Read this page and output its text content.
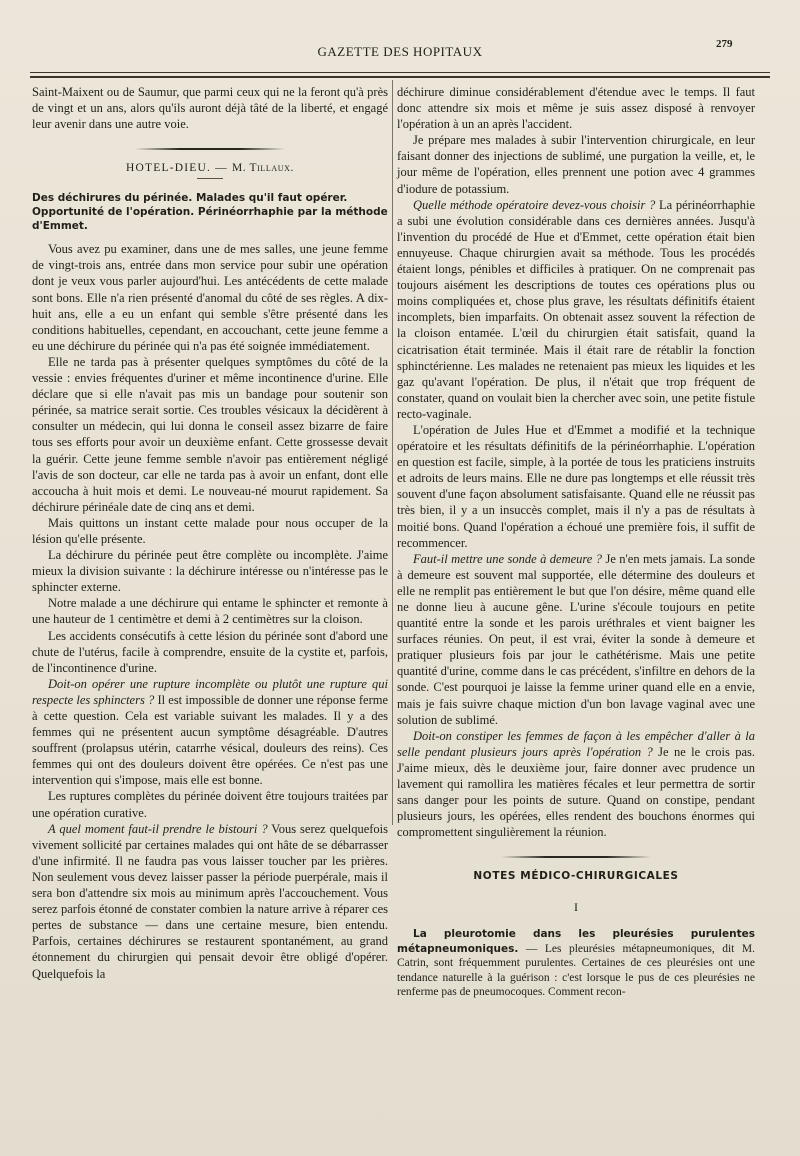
GAZETTE DES HOPITAUX	279

Saint-Maixent ou de Saumur, que parmi ceux qui ne la feront qu'à près de vingt et un ans, alors qu'ils auront déjà tâté de la liberté, et engagé leur avenir dans une autre voie.

HOTEL-DIEU. — M. Tillaux.
Des déchirures du périnée. Malades qu'il faut opérer. Opportunité de l'opération. Périnéorrhaphie par la méthode d'Emmet.

Vous avez pu examiner, dans une de mes salles, une jeune femme de vingt-trois ans, entrée dans mon service pour subir une opération dont je veux vous parler aujourd'hui. Les antécédents de cette malade sont bons. Elle n'a rien présenté d'anomal du côté de ses règles. A dix-huit ans, elle a eu un enfant qui semble s'être présenté dans les conditions habituelles, cependant, en accouchant, cette jeune femme a eu une déchirure du périnée qui n'a pas été soignée immédiatement.

Elle ne tarda pas à présenter quelques symptômes du côté de la vessie : envies fréquentes d'uriner et même incontinence d'urine. Elle déclare que si elle n'avait pas mis un bandage pour soutenir son périnée, sa matrice serait sortie. Ces troubles vésicaux la décidèrent à consulter un médecin, qui lui donna le conseil assez bizarre de faire tous ses efforts pour avoir un deuxième enfant. Cette grossesse devait la guérir. Cette jeune femme semble n'avoir pas entièrement négligé l'avis de son docteur, car elle ne tarda pas à avoir un enfant, dont elle accoucha à huit mois et demi. Le nouveau-né mourut rapidement. Sa déchirure périnéale date de cinq ans et demi.

Mais quittons un instant cette malade pour nous occuper de la lésion qu'elle présente.

La déchirure du périnée peut être complète ou incomplète. J'aime mieux la division suivante : la déchirure intéresse ou n'intéresse pas le sphincter externe.

Notre malade a une déchirure qui entame le sphincter et remonte à une hauteur de 1 centimètre et demi à 2 centimètres sur la cloison.

Les accidents consécutifs à cette lésion du périnée sont d'abord une chute de l'utérus, facile à comprendre, ensuite de la cystite et, parfois, de l'incontinence d'urine.

Doit-on opérer une rupture incomplète ou plutôt une rupture qui respecte les sphincters ? Il est impossible de donner une réponse ferme à cette question. Cela est variable suivant les malades. Il y a des femmes qui ne présentent aucun symptôme désagréable. D'autres souffrent (prolapsus utérin, catarrhe vésical, douleurs des reins). Ces femmes qui ont des douleurs doivent être opérées. Ce n'est pas une intervention qui s'impose, mais elle est bonne.

Les ruptures complètes du périnée doivent être toujours traitées par une opération curative.

A quel moment faut-il prendre le bistouri ? Vous serez quelquefois vivement sollicité par certaines malades qui ont hâte de se débarrasser d'une infirmité. Il ne faudra pas vous laisser toucher par les prières. Non seulement vous devez laisser passer la période puerpérale, mais il sera bon d'attendre six mois au minimum après l'accouchement. Vous serez parfois étonné de constater combien la nature arrive à réparer ces pertes de substance — dans une certaine mesure, bien entendu. Parfois, certaines déchirures se restaurent spontanément, au grand étonnement du chirurgien qui pensait devoir être obligé d'opérer. Quelquefois la

déchirure diminue considérablement d'étendue avec le temps. Il faut donc attendre six mois et même je suis assez disposé à renvoyer l'opération à un an après l'accident.

Je prépare mes malades à subir l'intervention chirurgicale, en leur faisant donner des injections de sublimé, une purgation la veille, et, le jour même de l'opération, elles prennent une potion avec 4 grammes d'iodure de potassium.

Quelle méthode opératoire devez-vous choisir ? La périnéorrhaphie a subi une évolution considérable dans ces dernières années. Jusqu'à l'invention du procédé de Hue et d'Emmet, cette opération était bien ennuyeuse. Chaque chirurgien avait sa méthode. Tous les procédés étaient longs, pénibles et difficiles à pratiquer. On ne comprenait pas toujours aisément les descriptions de toutes ces opérations plus ou moins compliquées et, chose plus grave, les résultats définitifs étaient incomplets, bien imparfaits. On obtenait assez souvent la réfection de la cloison entamée. L'œil du chirurgien était satisfait, quand la cicatrisation était terminée. Mais il était rare de rétablir la fonction sphinctérienne. Les malades ne retenaient pas mieux les liquides et les gaz qu'avant l'opération. De plus, il n'était que trop fréquent de constater, quand on voulait bien la chercher avec soin, une petite fistule recto-vaginale.

L'opération de Jules Hue et d'Emmet a modifié et la technique opératoire et les résultats définitifs de la périnéorrhaphie. L'opération en question est facile, simple, à la portée de tous les praticiens instruits et adroits de leurs mains. Elle ne dure pas longtemps et elle réussit très souvent d'une façon absolument satisfaisante. Quand elle ne réussit pas très bien, il y a un insuccès complet, mais il n'y a pas de résultats à moitié bons. Quand l'opération a échoué une première fois, il suffit de recommencer.

Faut-il mettre une sonde à demeure ? Je n'en mets jamais. La sonde à demeure est souvent mal supportée, elle détermine des douleurs et elle ne remplit pas entièrement le but que l'on désire, même quand elle ne donne lieu à aucune gêne. L'urine s'écoule toujours en petite quantité entre la sonde et les parois uréthrales et vient baigner les surfaces réunies. On peut, il est vrai, éviter la sonde à demeure et pratiquer plusieurs fois par jour le cathétérisme. Mais une petite quantité d'urine, comme dans le cas précédent, s'infiltre en dehors de la sonde. C'est pourquoi je laisse la femme uriner quand elle en a envie, mais je fais suivre chaque miction d'un bon lavage vaginal avec une solution de sublimé.

Doit-on constiper les femmes de façon à les empêcher d'aller à la selle pendant plusieurs jours après l'opération ? Je ne le crois pas. J'aime mieux, dès le deuxième jour, faire donner avec prudence un lavement qui ramollira les matières fécales et leur permettra de sortir sans danger pour les points de suture. Quand on constipe, pendant plusieurs jours, les opérées, elles rendent des bouchons énormes qui compromettent singulièrement la réunion.

NOTES MÉDICO-CHIRURGICALES
I

La pleurotomie dans les pleurésies purulentes métapneumoniques. — Les pleurésies métapneumoniques, dit M. Catrin, sont fréquemment purulentes. Certaines de ces pleurésies ont une tendance naturelle à la guérison : c'est lorsque le pus de ces pleurésies ne renferme pas de pneumocoques. Comment recon-
